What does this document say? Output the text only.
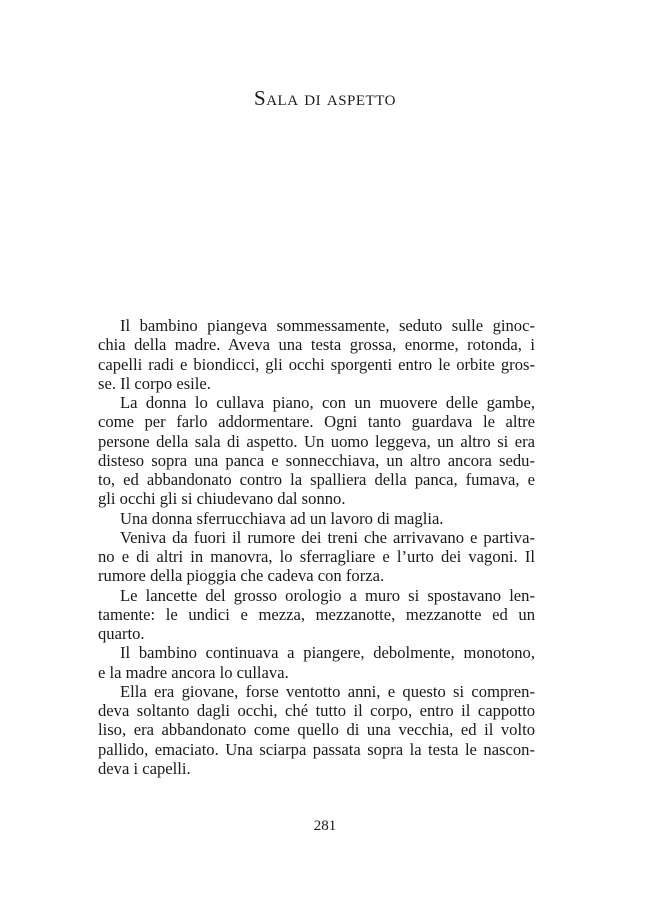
Sala di aspetto
Il bambino piangeva sommessamente, seduto sulle ginoc-
chia della madre. Aveva una testa grossa, enorme, rotonda, i
capelli radi e biondicci, gli occhi sporgenti entro le orbite gros-
se. Il corpo esile.
La donna lo cullava piano, con un muovere delle gambe,
come per farlo addormentare. Ogni tanto guardava le altre
persone della sala di aspetto. Un uomo leggeva, un altro si era
disteso sopra una panca e sonnecchiava, un altro ancora sedu-
to, ed abbandonato contro la spalliera della panca, fumava, e
gli occhi gli si chiudevano dal sonno.
Una donna sferrucchiava ad un lavoro di maglia.
Veniva da fuori il rumore dei treni che arrivavano e partiva-
no e di altri in manovra, lo sferragliare e l’urto dei vagoni. Il
rumore della pioggia che cadeva con forza.
Le lancette del grosso orologio a muro si spostavano len-
tamente: le undici e mezza, mezzanotte, mezzanotte ed un
quarto.
Il bambino continuava a piangere, debolmente, monotono,
e la madre ancora lo cullava.
Ella era giovane, forse ventotto anni, e questo si compren-
deva soltanto dagli occhi, ché tutto il corpo, entro il cappotto
liso, era abbandonato come quello di una vecchia, ed il volto
pallido, emaciato. Una sciarpa passata sopra la testa le nascon-
deva i capelli.
281
